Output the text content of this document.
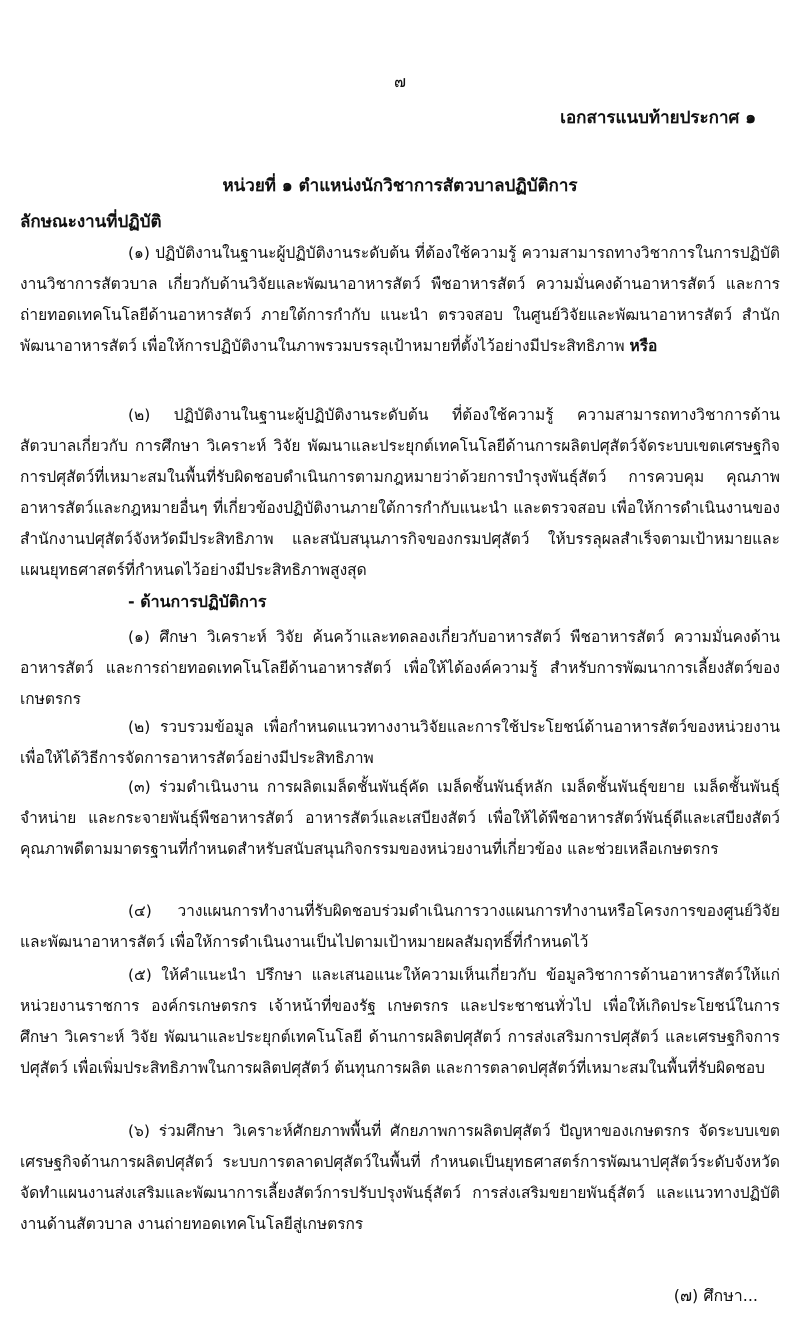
๗
เอกสารแนบท้ายประกาศ ๑
หน่วยที่ ๑ ตำแหน่งนักวิชาการสัตวบาลปฏิบัติการ
ลักษณะงานที่ปฏิบัติ
(๑) ปฏิบัติงานในฐานะผู้ปฏิบัติงานระดับต้น ที่ต้องใช้ความรู้ ความสามารถทางวิชาการในการปฏิบัติงานวิชาการสัตวบาล เกี่ยวกับด้านวิจัยและพัฒนาอาหารสัตว์ พืชอาหารสัตว์ ความมั่นคงด้านอาหารสัตว์ และการถ่ายทอดเทคโนโลยีด้านอาหารสัตว์ ภายใต้การกำกับ แนะนำ ตรวจสอบ ในศูนย์วิจัยและพัฒนาอาหารสัตว์ สำนักพัฒนาอาหารสัตว์ เพื่อให้การปฏิบัติงานในภาพรวมบรรลุเป้าหมายที่ตั้งไว้อย่างมีประสิทธิภาพ หรือ
(๒) ปฏิบัติงานในฐานะผู้ปฏิบัติงานระดับต้น ที่ต้องใช้ความรู้ ความสามารถทางวิชาการด้านสัตวบาลเกี่ยวกับ การศึกษา วิเคราะห์ วิจัย พัฒนาและประยุกต์เทคโนโลยีด้านการผลิตปศุสัตว์จัดระบบเขตเศรษฐกิจ การปศุสัตว์ที่เหมาะสมในพื้นที่รับผิดชอบดำเนินการตามกฎหมายว่าด้วยการบำรุงพันธุ์สัตว์ การควบคุม คุณภาพอาหารสัตว์และกฎหมายอื่นๆ ที่เกี่ยวข้องปฏิบัติงานภายใต้การกำกับแนะนำ และตรวจสอบ เพื่อให้การดำเนินงานของสำนักงานปศุสัตว์จังหวัดมีประสิทธิภาพ และสนับสนุนภารกิจของกรมปศุสัตว์ ให้บรรลุผลสำเร็จตามเป้าหมายและแผนยุทธศาสตร์ที่กำหนดไว้อย่างมีประสิทธิภาพสูงสุด
- ด้านการปฏิบัติการ
(๑) ศึกษา วิเคราะห์ วิจัย ค้นคว้าและทดลองเกี่ยวกับอาหารสัตว์ พืชอาหารสัตว์ ความมั่นคงด้านอาหารสัตว์ และการถ่ายทอดเทคโนโลยีด้านอาหารสัตว์ เพื่อให้ได้องค์ความรู้ สำหรับการพัฒนาการเลี้ยงสัตว์ของเกษตรกร
(๒) รวบรวมข้อมูล เพื่อกำหนดแนวทางงานวิจัยและการใช้ประโยชน์ด้านอาหารสัตว์ของหน่วยงานเพื่อให้ได้วิธีการจัดการอาหารสัตว์อย่างมีประสิทธิภาพ
(๓) ร่วมดำเนินงาน การผลิตเมล็ดชั้นพันธุ์คัด เมล็ดชั้นพันธุ์หลัก เมล็ดชั้นพันธุ์ขยาย เมล็ดชั้นพันธุ์จำหน่าย และกระจายพันธุ์พืชอาหารสัตว์ อาหารสัตว์และเสบียงสัตว์ เพื่อให้ได้พืชอาหารสัตว์พันธุ์ดีและเสบียงสัตว์คุณภาพดีตามมาตรฐานที่กำหนดสำหรับสนับสนุนกิจกรรมของหน่วยงานที่เกี่ยวข้อง และช่วยเหลือเกษตรกร
(๔) วางแผนการทำงานที่รับผิดชอบร่วมดำเนินการวางแผนการทำงานหรือโครงการของศูนย์วิจัยและพัฒนาอาหารสัตว์ เพื่อให้การดำเนินงานเป็นไปตามเป้าหมายผลสัมฤทธิ์ที่กำหนดไว้
(๕) ให้คำแนะนำ ปรึกษา และเสนอแนะให้ความเห็นเกี่ยวกับ ข้อมูลวิชาการด้านอาหารสัตว์ให้แก่หน่วยงานราชการ องค์กรเกษตรกร เจ้าหน้าที่ของรัฐ เกษตรกร และประชาชนทั่วไป เพื่อให้เกิดประโยชน์ในการศึกษา วิเคราะห์ วิจัย พัฒนาและประยุกต์เทคโนโลยี ด้านการผลิตปศุสัตว์ การส่งเสริมการปศุสัตว์ และเศรษฐกิจการปศุสัตว์ เพื่อเพิ่มประสิทธิภาพในการผลิตปศุสัตว์ ต้นทุนการผลิต และการตลาดปศุสัตว์ที่เหมาะสมในพื้นที่รับผิดชอบ
(๖) ร่วมศึกษา วิเคราะห์ศักยภาพพื้นที่ ศักยภาพการผลิตปศุสัตว์ ปัญหาของเกษตรกร จัดระบบเขตเศรษฐกิจด้านการผลิตปศุสัตว์ ระบบการตลาดปศุสัตว์ในพื้นที่ กำหนดเป็นยุทธศาสตร์การพัฒนาปศุสัตว์ระดับจังหวัด จัดทำแผนงานส่งเสริมและพัฒนาการเลี้ยงสัตว์การปรับปรุงพันธุ์สัตว์ การส่งเสริมขยายพันธุ์สัตว์ และแนวทางปฏิบัติงานด้านสัตวบาล งานถ่ายทอดเทคโนโลยีสู่เกษตรกร
(๗) ศึกษา...
